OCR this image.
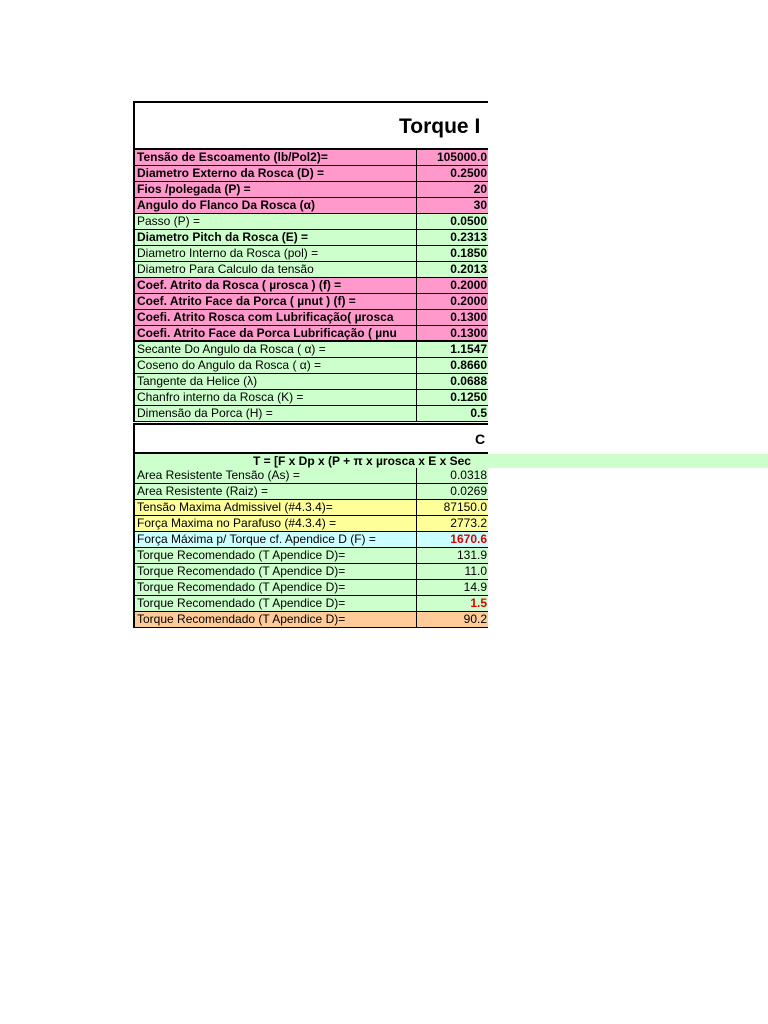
Torque I
Tensão de Escoamento (lb/Pol2)=	105000.0
Diametro Externo da Rosca (D) =	0.2500
Fios /polegada (P) =	20
Angulo do Flanco Da Rosca (α)	30
Passo (P) =	0.0500
Diametro Pitch da Rosca (E) =	0.2313
Diametro Interno da Rosca (pol) =	0.1850
Diametro Para Calculo da tensão	0.2013
Coef. Atrito da Rosca ( µrosca ) (f) =	0.2000
Coef. Atrito Face da Porca ( µnut ) (f) =	0.2000
Coefi. Atrito Rosca com Lubrificação( µrosca	0.1300
Coefi. Atrito Face da Porca Lubrificação ( µnu	0.1300
Secante Do Angulo da Rosca ( α) =	1.1547
Coseno do Angulo da Rosca ( α) =	0.8660
Tangente da Helice (λ)	0.0688
Chanfro interno da Rosca (K) =	0.1250
Dimensão da Porca (H) =	0.5
C
T = [F x Dp x (P + π x µrosca x E x Sec
Area Resistente Tensão (As) =	0.0318
Area Resistente (Raiz) =	0.0269
Tensão Maxima Admissivel (#4.3.4)=	87150.0
Força Maxima no Parafuso (#4.3.4) =	2773.2
Força Máxima p/ Torque cf. Apendice D (F) =	1670.6
Torque Recomendado (T Apendice D)=	131.9
Torque Recomendado (T Apendice D)=	11.0
Torque Recomendado (T Apendice D)=	14.9
Torque Recomendado (T Apendice D)=	1.5
Torque Recomendado (T Apendice D)=	90.2
